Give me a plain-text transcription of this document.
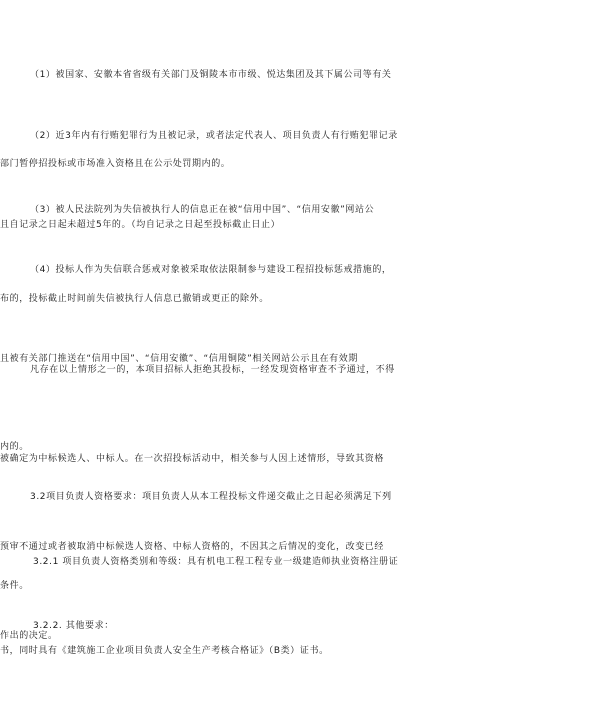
（1）被国家、安徽本省省级有关部门及铜陵本市市级、悦达集团及其下属公司等有关

部门暂停招投标或市场准入资格且在公示处罚期内的。

（2）近3年内有行贿犯罪行为且被记录，或者法定代表人、项目负责人有行贿犯罪记录

且自记录之日起未超过5年的。（均自记录之日起至投标截止日止）

（3）被人民法院列为失信被执行人的信息正在被“信用中国”、“信用安徽”网站公

布的，投标截止时间前失信被执行人信息已撤销或更正的除外。

（4）投标人作为失信联合惩戒对象被采取依法限制参与建设工程招投标惩戒措施的，

且被有关部门推送在“信用中国”、“信用安徽”、“信用铜陵”相关网站公示且在有效期

内的。

凡存在以上情形之一的，本项目招标人拒绝其投标，一经发现资格审查不予通过，不得

被确定为中标候选人、中标人。在一次招投标活动中，相关参与人因上述情形，导致其资格

预审不通过或者被取消中标候选人资格、中标人资格的，不因其之后情况的变化，改变已经

作出的决定。

3.2项目负责人资格要求：项目负责人从本工程投标文件递交截止之日起必须满足下列

条件。

3.2.1 项目负责人资格类别和等级：具有机电工程工程专业一级建造师执业资格注册证

书，同时具有《建筑施工企业项目负责人安全生产考核合格证》（B类）证书。

3.2.2. 其他要求：
